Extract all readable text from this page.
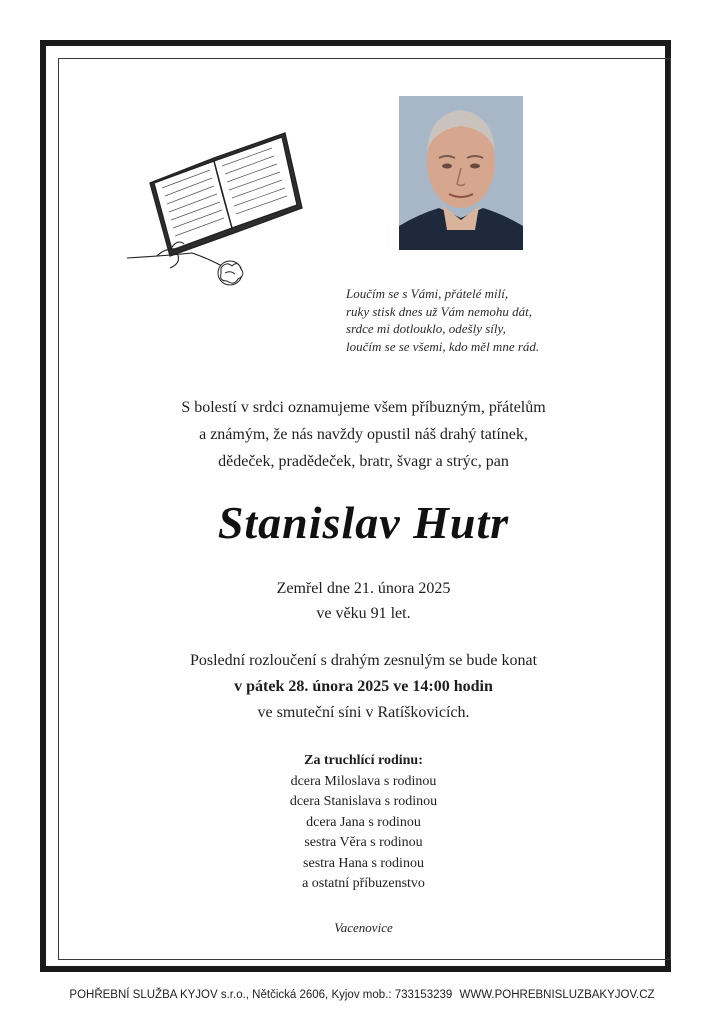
Loučím se s Vámi, přátelé milí,
ruky stisk dnes už Vám nemohu dát,
srdce mi dotlouklo, odešly síly,
loučím se se všemi, kdo měl mne rád.
S bolestí v srdci oznamujeme všem příbuzným, přátelům
a známým, že nás navždy opustil náš drahý tatínek,
dědeček, pradědeček, bratr, švagr a strýc, pan
Stanislav Hutr
Zemřel dne 21. února 2025
ve věku 91 let.
Poslední rozloučení s drahým zesnulým se bude konat
v pátek 28. února 2025 ve 14:00 hodin
ve smuteční síni v Ratíškovicích.
Za truchlící rodinu:
dcera Miloslava s rodinou
dcera Stanislava s rodinou
dcera Jana s rodinou
sestra Věra s rodinou
sestra Hana s rodinou
a ostatní příbuzenstvo
Vacenovice
POHŘEBNÍ SLUŽBA KYJOV s.r.o., Nětčická 2606, Kyjov mob.: 733153239 WWW.POHREBNISLUZBAKYJOV.CZ
